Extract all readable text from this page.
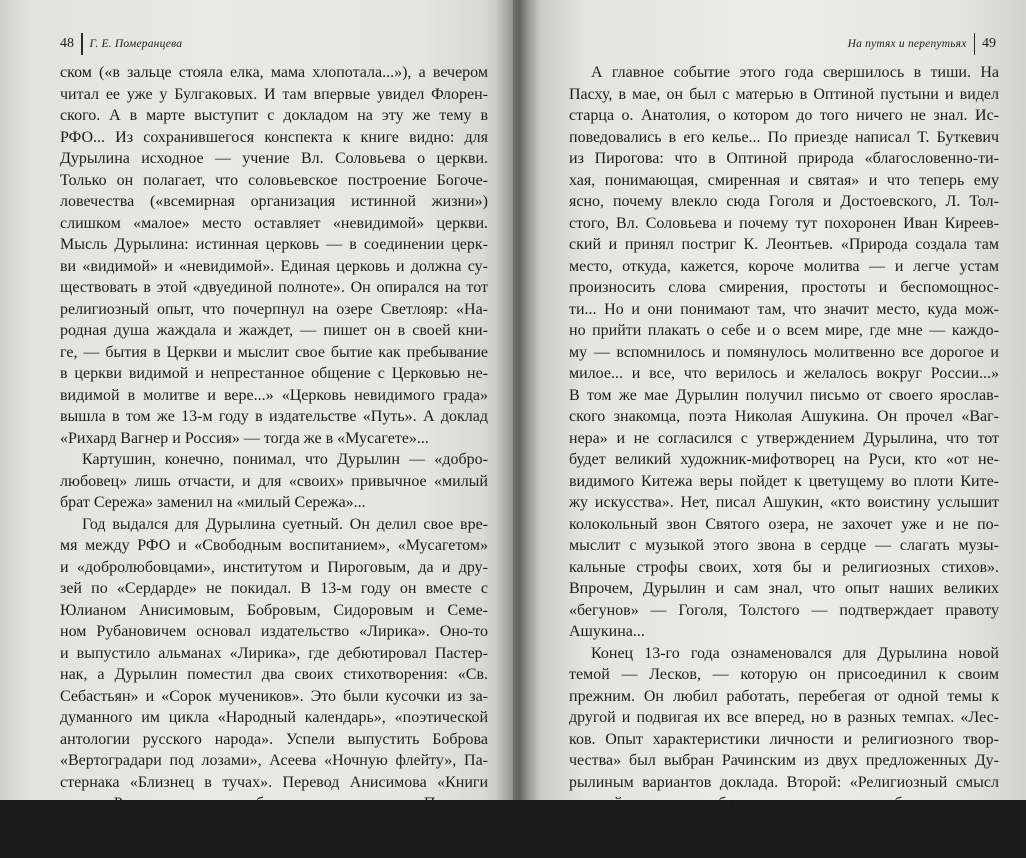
48 Г. Е. Померанцева
ском («в зальце стояла елка, мама хлопотала...»), а вечером
читал ее уже у Булгаковых. И там впервые увидел Флорен-
ского. А в марте выступит с докладом на эту же тему в
РФО... Из сохранившегося конспекта к книге видно: для
Дурылина исходное — учение Вл. Соловьева о церкви.
Только он полагает, что соловьевское построение Богоче-
ловечества («всемирная организация истинной жизни»)
слишком «малое» место оставляет «невидимой» церкви.
Мысль Дурылина: истинная церковь — в соединении церк-
ви «видимой» и «невидимой». Единая церковь и должна су-
ществовать в этой «двуединой полноте». Он опирался на тот
религиозный опыт, что почерпнул на озере Светлояр: «На-
родная душа жаждала и жаждет, — пишет он в своей кни-
ге, — бытия в Церкви и мыслит свое бытие как пребывание
в церкви видимой и непрестанное общение с Церковью не-
видимой в молитве и вере...» «Церковь невидимого града»
вышла в том же 13-м году в издательстве «Путь». А доклад
«Рихард Вагнер и Россия» — тогда же в «Мусагете»...
Картушин, конечно, понимал, что Дурылин — «добро-
любовец» лишь отчасти, и для «своих» привычное «милый
брат Сережа» заменил на «милый Сережа»...
Год выдался для Дурылина суетный. Он делил свое вре-
мя между РФО и «Свободным воспитанием», «Мусагетом»
и «добролюбовцами», институтом и Пироговым, да и дру-
зей по «Сердарде» не покидал. В 13-м году он вместе с
Юлианом Анисимовым, Бобровым, Сидоровым и Семе-
ном Рубановичем основал издательство «Лирика». Оно-то
и выпустило альманах «Лирика», где дебютировал Пастер-
нак, а Дурылин поместил два своих стихотворения: «Св.
Себастьян» и «Сорок мучеников». Это были кусочки из за-
думанного им цикла «Народный календарь», «поэтической
антологии русского народа». Успели выпустить Боброва
«Вертоградари под лозами», Асеева «Ночную флейту», Па-
стернака «Близнец в тучах». Перевод Анисимова «Книги
часов» Рильке открывал собою серию переводов. Просмат-
ривалась близкая возможность и для Дурылина выйти с по-
этическим сборником...
На путях и перепутьях 49
А главное событие этого года свершилось в тиши. На
Пасху, в мае, он был с матерью в Оптиной пустыни и видел
старца о. Анатолия, о котором до того ничего не знал. Ис-
поведовались в его келье... По приезде написал Т. Буткевич
из Пирогова: что в Оптиной природа «благословенно-ти-
хая, понимающая, смиренная и святая» и что теперь ему
ясно, почему влекло сюда Гоголя и Достоевского, Л. Тол-
стого, Вл. Соловьева и почему тут похоронен Иван Киреев-
ский и принял постриг К. Леонтьев. «Природа создала там
место, откуда, кажется, короче молитва — и легче устам
произносить слова смирения, простоты и беспомощнос-
ти... Но и они понимают там, что значит место, куда мож-
но прийти плакать о себе и о всем мире, где мне — каждо-
му — вспомнилось и помянулось молитвенно все дорогое и
милое... и все, что верилось и желалось вокруг России...»
В том же мае Дурылин получил письмо от своего ярослав-
ского знакомца, поэта Николая Ашукина. Он прочел «Ваг-
нера» и не согласился с утверждением Дурылина, что тот
будет великий художник-мифотворец на Руси, кто «от не-
видимого Китежа веры пойдет к цветущему во плоти Ките-
жу искусства». Нет, писал Ашукин, «кто воистину услышит
колокольный звон Святого озера, не захочет уже и не по-
мыслит с музыкой этого звона в сердце — слагать музы-
кальные строфы своих, хотя бы и религиозных стихов».
Впрочем, Дурылин и сам знал, что опыт наших великих
«бегунов» — Гоголя, Толстого — подтверждает правоту
Ашукина...
Конец 13-го года ознаменовался для Дурылина новой
темой — Лесков, — которую он присоединил к своим
прежним. Он любил работать, перебегая от одной темы к
другой и подвигая их все вперед, но в разных темпах. «Лес-
ков. Опыт характеристики личности и религиозного твор-
чества» был выбран Рачинским из двух предложенных Ду-
рылиным вариантов доклада. Второй: «Религиозный смысл
русской иконописи» был отвергнут им из-за боязни, что он
уведет в археологию. Сообщая о том Дурылину, Рачинский
писал: «Зато тема о Лескове высоко соблазнительна! Он во-
